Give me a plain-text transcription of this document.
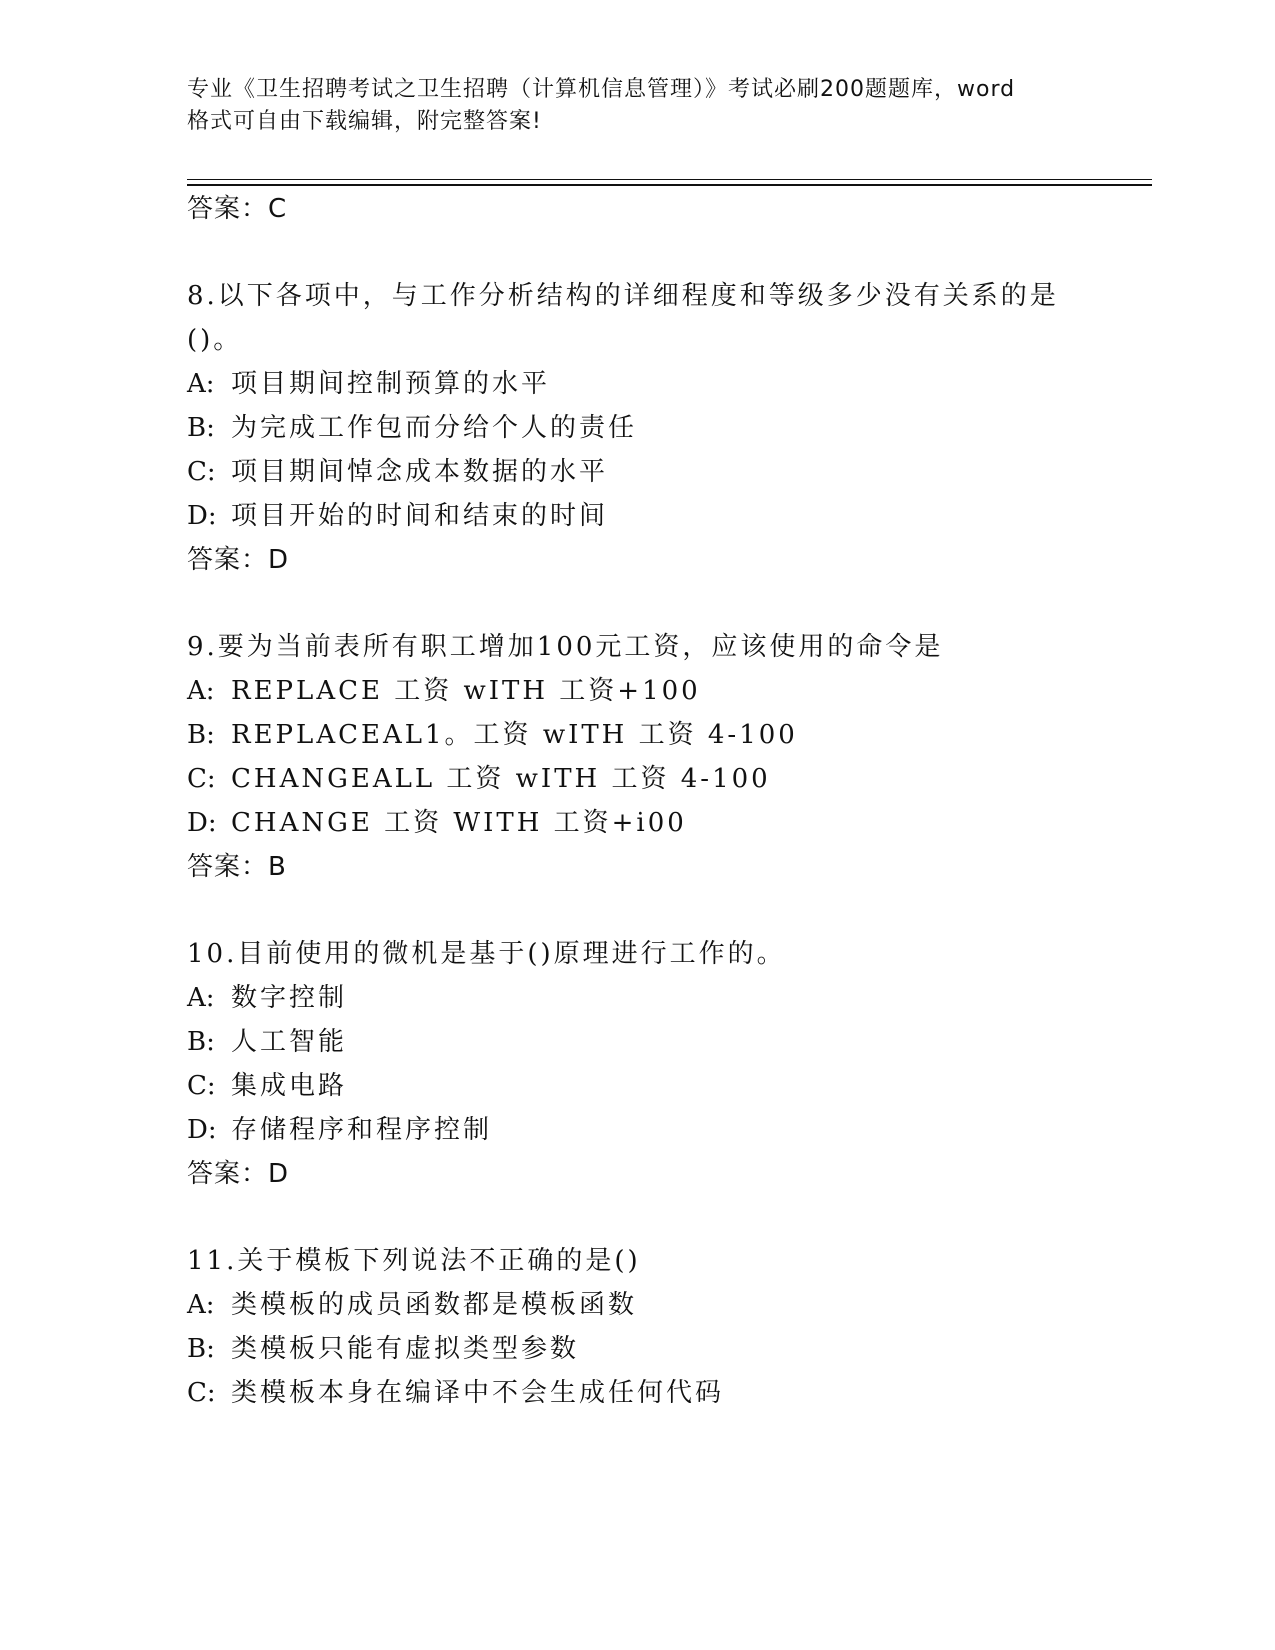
专业《卫生招聘考试之卫生招聘（计算机信息管理）》考试必刷200题题库，word
格式可自由下载编辑，附完整答案!
答案：C
8.以下各项中，与工作分析结构的详细程度和等级多少没有关系的是
()。
A: 项目期间控制预算的水平
B: 为完成工作包而分给个人的责任
C: 项目期间悼念成本数据的水平
D: 项目开始的时间和结束的时间
答案：D
9.要为当前表所有职工增加100元工资，应该使用的命令是
A: REPLACE 工资 wITH 工资+100
B: REPLACEAL1。工资 wITH 工资 4-100
C: CHANGEALL 工资 wITH 工资 4-100
D: CHANGE 工资 WITH 工资+i00
答案：B
10.目前使用的微机是基于()原理进行工作的。
A: 数字控制
B: 人工智能
C: 集成电路
D: 存储程序和程序控制
答案：D
11.关于模板下列说法不正确的是()
A: 类模板的成员函数都是模板函数
B: 类模板只能有虚拟类型参数
C: 类模板本身在编译中不会生成任何代码
